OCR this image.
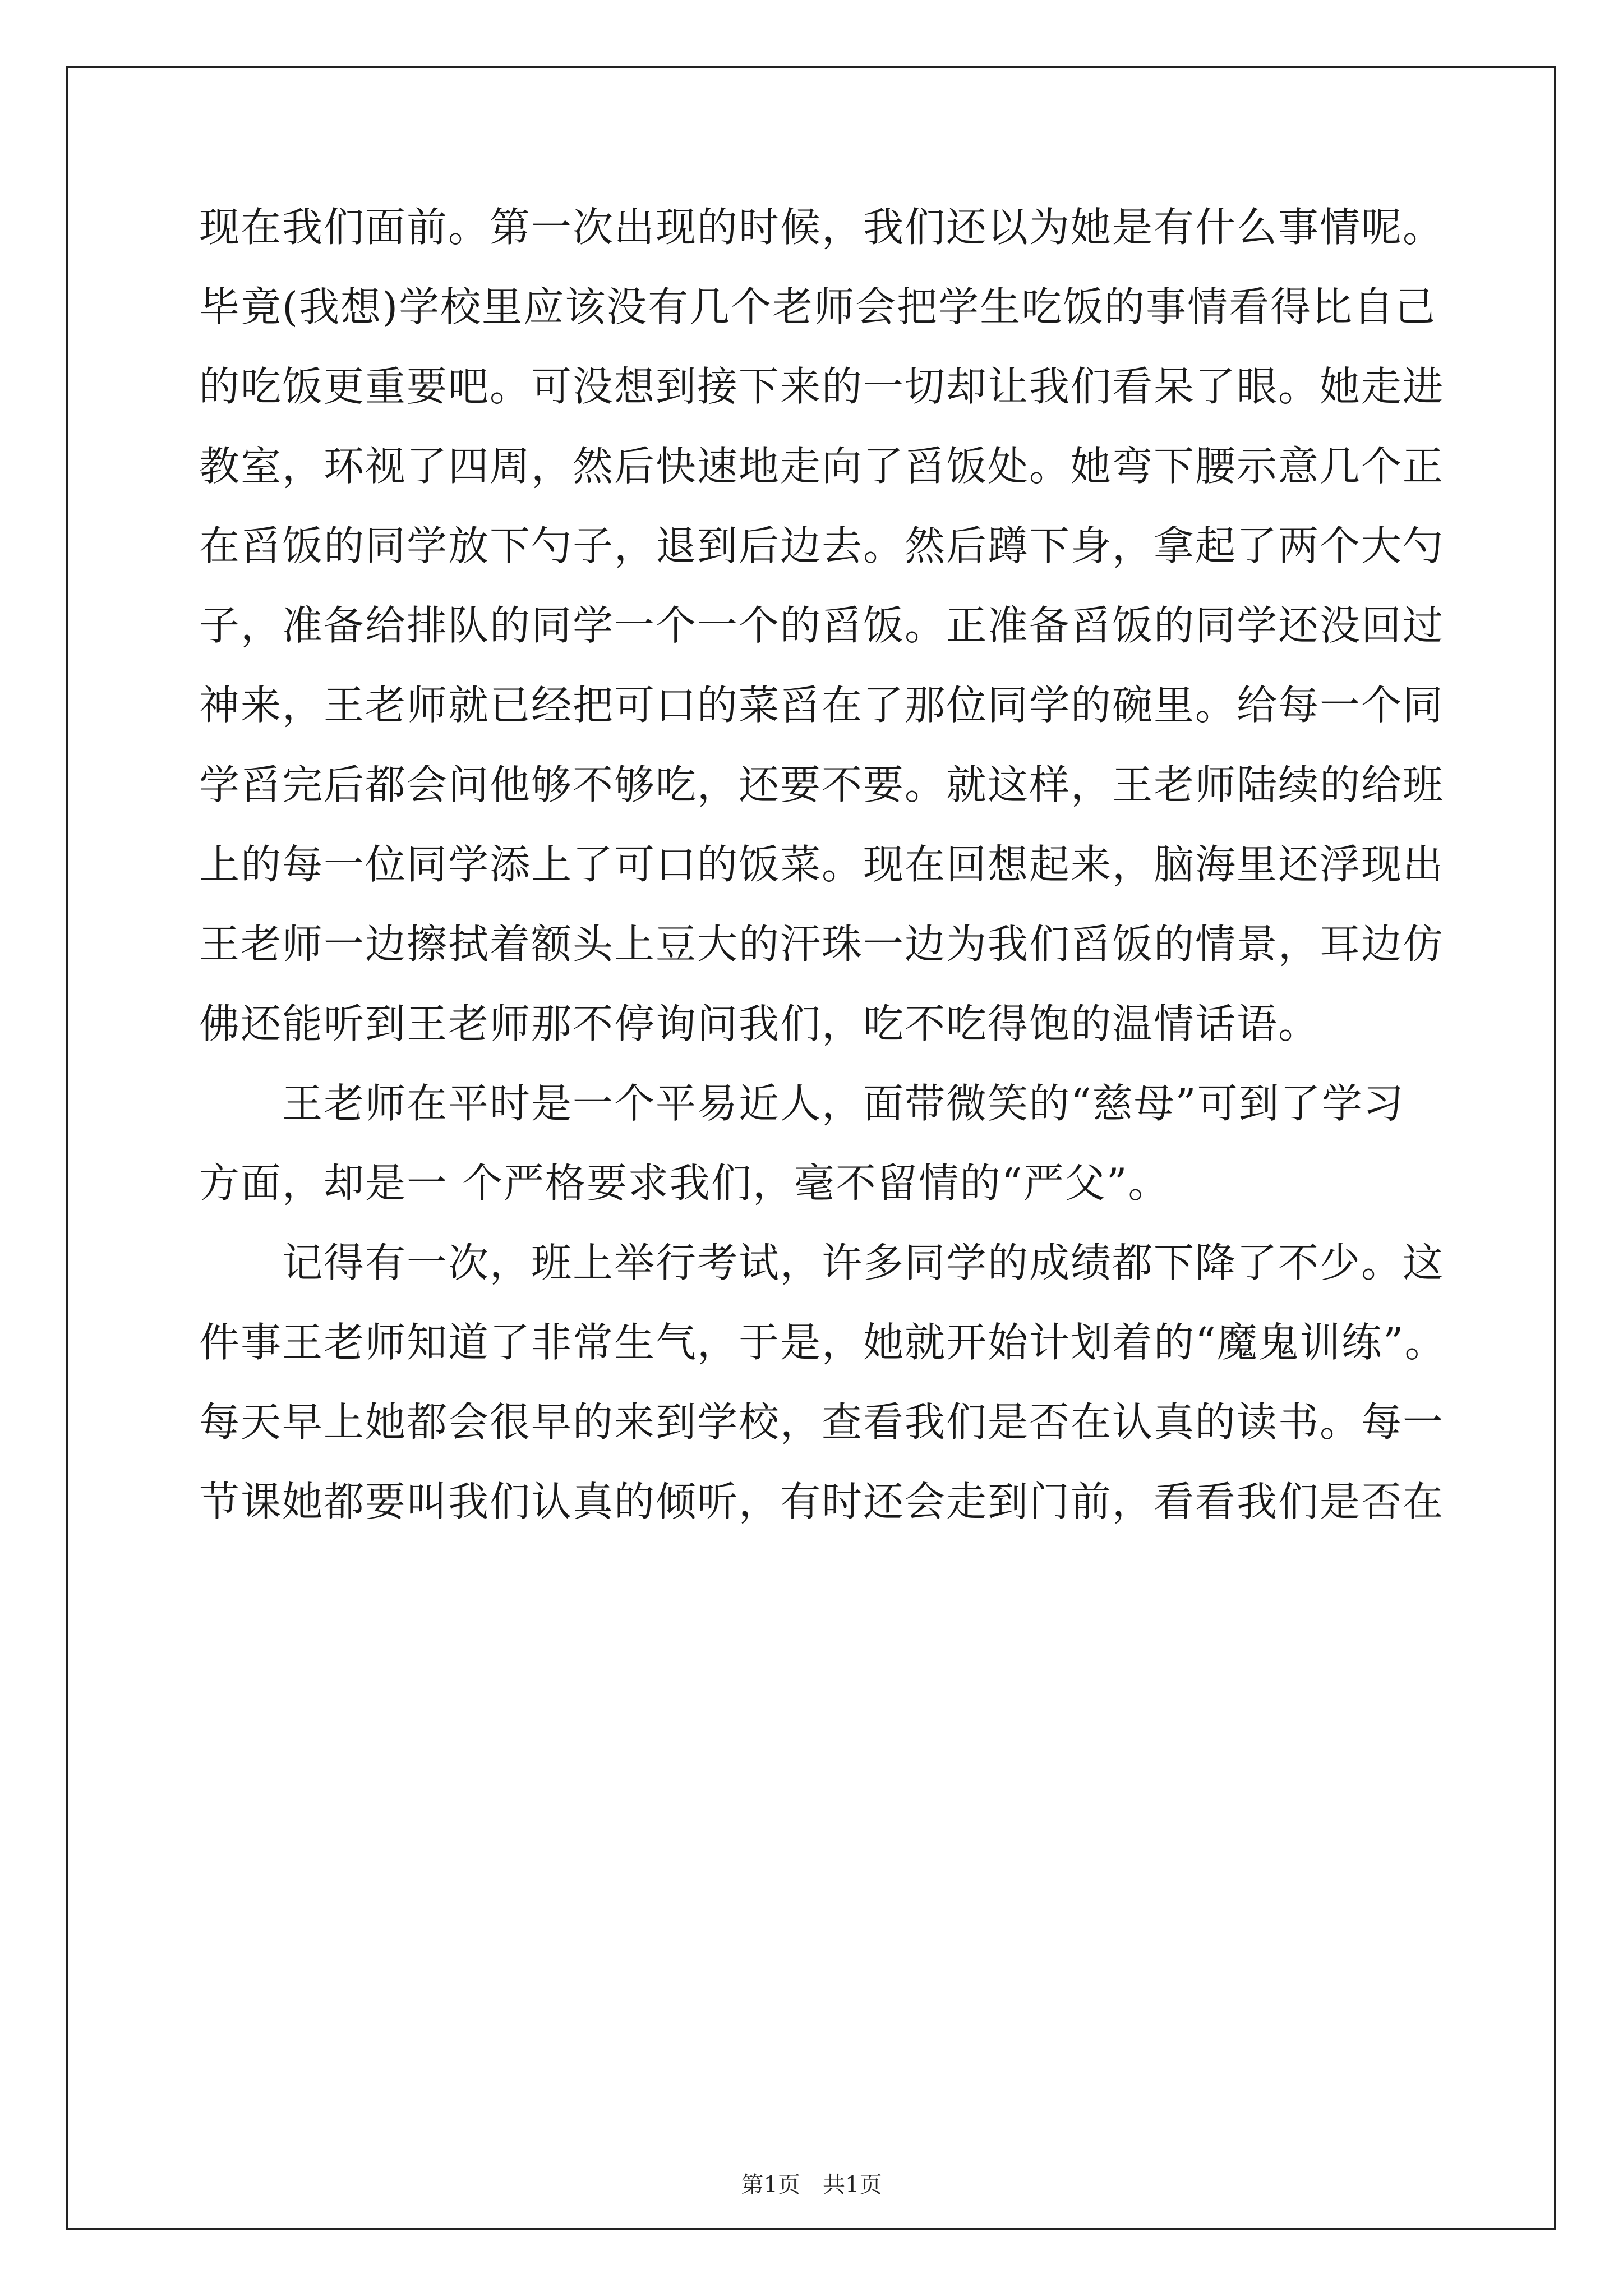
现在我们面前。第一次出现的时候，我们还以为她是有什么事情呢。
毕竟(我想)学校里应该没有几个老师会把学生吃饭的事情看得比自己
的吃饭更重要吧。可没想到接下来的一切却让我们看呆了眼。她走进
教室，环视了四周，然后快速地走向了舀饭处。她弯下腰示意几个正
在舀饭的同学放下勺子，退到后边去。然后蹲下身，拿起了两个大勺
子，准备给排队的同学一个一个的舀饭。正准备舀饭的同学还没回过
神来，王老师就已经把可口的菜舀在了那位同学的碗里。给每一个同
学舀完后都会问他够不够吃，还要不要。就这样，王老师陆续的给班
上的每一位同学添上了可口的饭菜。现在回想起来，脑海里还浮现出
王老师一边擦拭着额头上豆大的汗珠一边为我们舀饭的情景，耳边仿
佛还能听到王老师那不停询问我们，吃不吃得饱的温情话语。
　　王老师在平时是一个平易近人，面带微笑的“慈母”可到了学习
方面，却是一 个严格要求我们，毫不留情的“严父”。
　　记得有一次，班上举行考试，许多同学的成绩都下降了不少。这
件事王老师知道了非常生气，于是，她就开始计划着的“魔鬼训练”。
每天早上她都会很早的来到学校，查看我们是否在认真的读书。每一
节课她都要叫我们认真的倾听，有时还会走到门前，看看我们是否在
第1页 共1页
